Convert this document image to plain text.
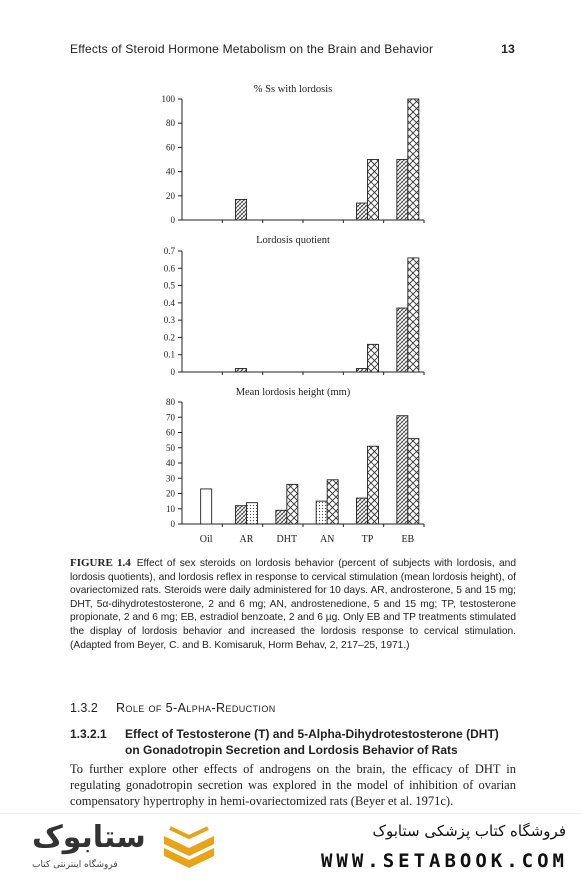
Effects of Steroid Hormone Metabolism on the Brain and Behavior	13
% Ss with lordosis
0
20
40
60
80
100
Lordosis quotient
0
0.1
0.2
0.3
0.4
0.5
0.6
0.7
Mean lordosis height (mm)
0
10
20
30
40
50
60
70
80
Oil	AR DHT AN	TP	EB
FIGURE 1.4 Effect of sex steroids on lordosis behavior (percent of subjects with lordosis, and lordosis quotients), and lordosis reflex in response to cervical stimulation (mean lordosis height), of ovariectomized rats. Steroids were daily administered for 10 days. AR, androsterone, 5 and 15 mg; DHT, 5α-dihydrotestosterone, 2 and 6 mg; AN, androstenedione, 5 and 15 mg; TP, testosterone propionate, 2 and 6 mg; EB, estradiol benzoate, 2 and 6 µg. Only EB and TP treatments stimulated the display of lordosis behavior and increased the lordosis response to cervical stimulation. (Adapted from Beyer, C. and B. Komisaruk, Horm Behav, 2, 217–25, 1971.)
1.3.2 Role of 5-Alpha-Reduction
1.3.2.1 Effect of Testosterone (T) and 5-Alpha-Dihydrotestosterone (DHT) on Gonadotropin Secretion and Lordosis Behavior of Rats
To further explore other effects of androgens on the brain, the efficacy of DHT in regulating gonadotropin secretion was explored in the model of inhibition of ovarian compensatory hypertrophy in hemi-ovariectomized rats (Beyer et al. 1971c).
ستابوک
فروشگاه اینترنتی کتاب
فروشگاه کتاب پزشکی ستابوک
WWW.SETABOOK.COM
